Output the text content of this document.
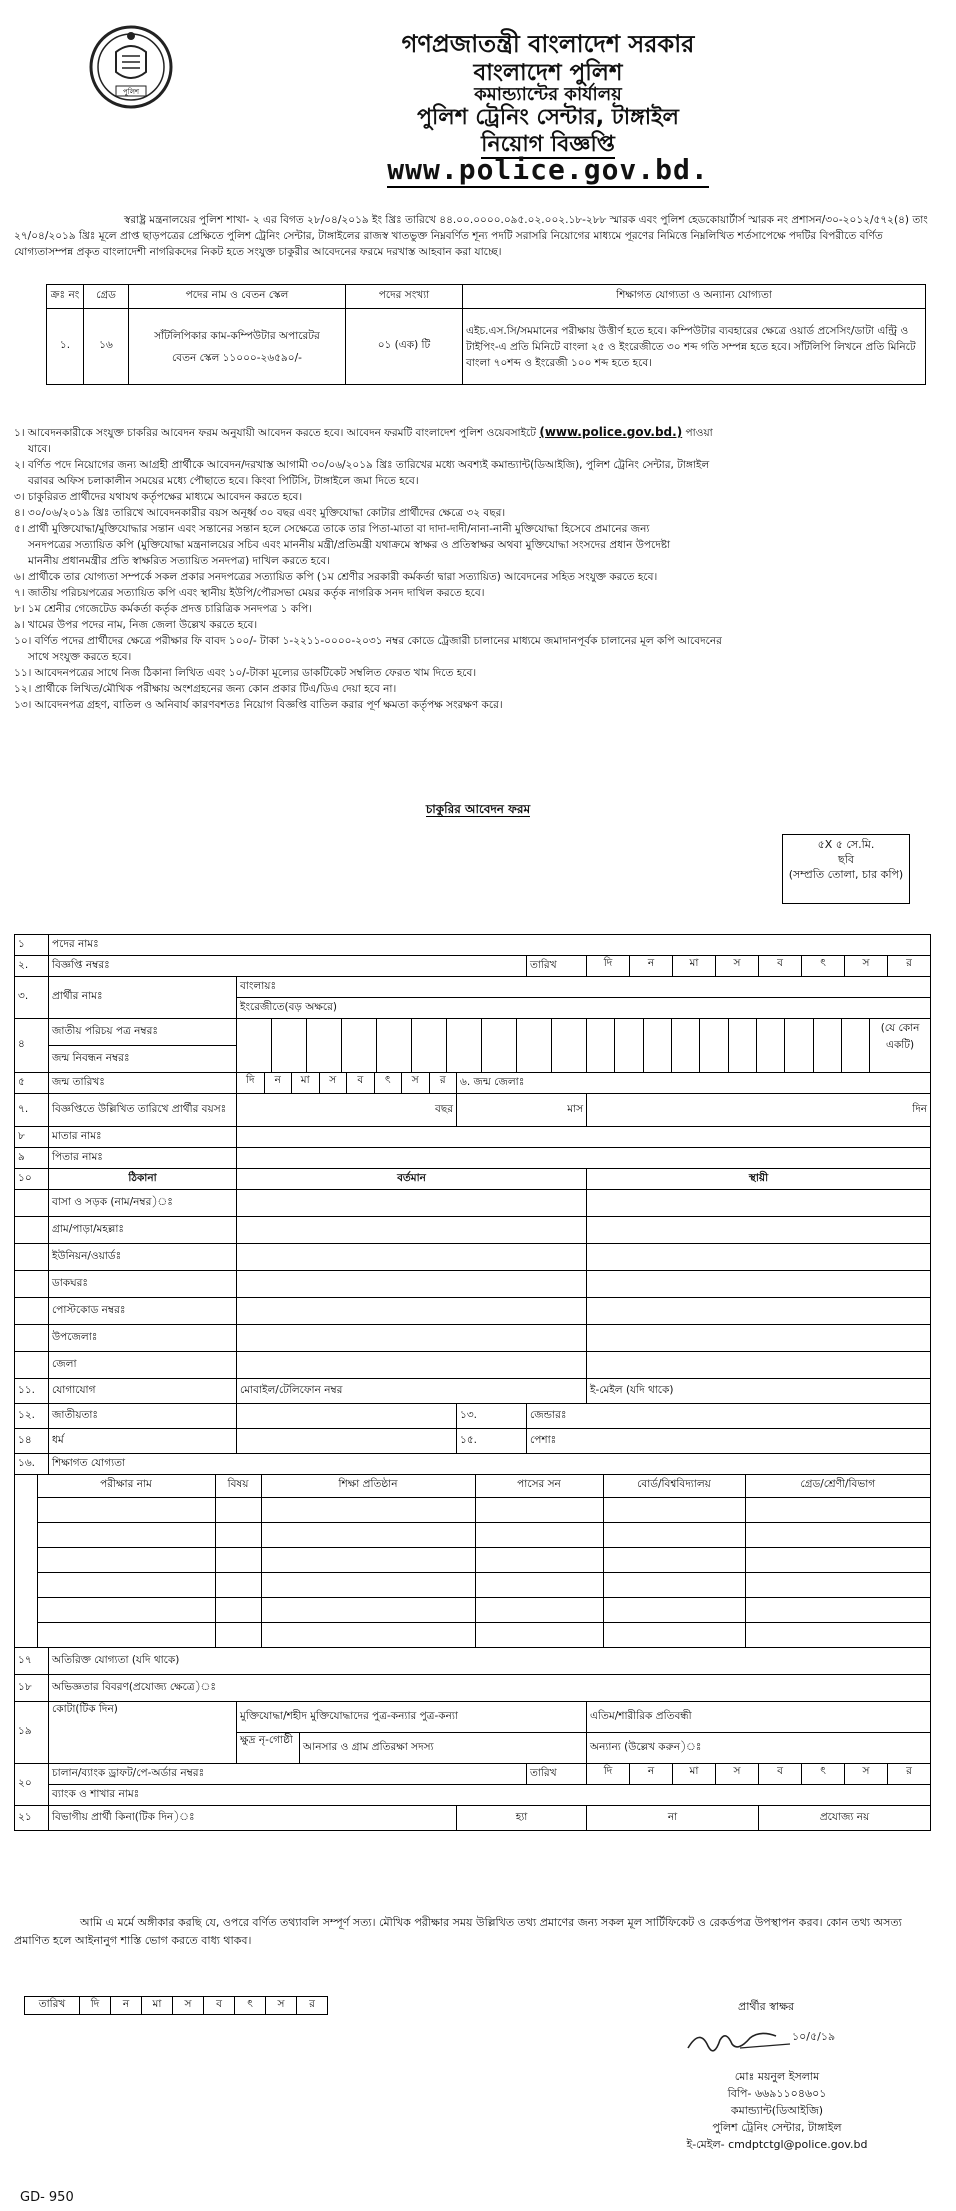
পুলিশ
গণপ্রজাতন্ত্রী বাংলাদেশ সরকার
বাংলাদেশ পুলিশ
কমান্ড্যান্টের কার্যালয়
পুলিশ ট্রেনিং সেন্টার, টাঙ্গাইল
নিয়োগ বিজ্ঞপ্তি
www.police.gov.bd.
স্বরাষ্ট্র মন্ত্রনালয়ের পুলিশ শাখা- ২ এর বিগত ২৮/০৪/২০১৯ ইং খ্রিঃ তারিখে ৪৪.০০.০০০০.০৯৫.০২.০০২.১৮-২৮৮ স্মারক এবং পুলিশ হেডকোয়ার্টার্স স্মারক নং প্রশাসন/৩০-২০১২/৫৭২(৪) তাং ২৭/০৪/২০১৯ খ্রিঃ মূলে প্রাপ্ত ছাড়পত্রের প্রেক্ষিতে পুলিশ ট্রেনিং সেন্টার, টাঙ্গাইলের রাজস্ব খাতভুক্ত নিম্নবর্ণিত শূন্য পদটি সরাসরি নিয়োগের মাধ্যমে পূরণের নিমিত্তে নিম্নলিখিত শর্তসাপেক্ষে পদটির বিপরীতে বর্ণিত যোগ্যতাসম্পন্ন প্রকৃত বাংলাদেশী নাগরিকদের নিকট হতে সংযুক্ত চাকুরীর আবেদনের ফরমে দরখাস্ত আহবান করা যাচ্ছে।
ক্রঃ নং	গ্রেড	পদের নাম ও বেতন স্কেল	পদের সংখ্যা	শিক্ষাগত যোগ্যতা ও অন্যান্য যোগ্যতা
১.	১৬	সাঁটলিপিকার কাম-কম্পিউটার অপারেটর
বেতন স্কেল ১১০০০-২৬৫৯০/-	০১ (এক) টি	এইচ.এস.সি/সমমানের পরীক্ষায় উত্তীর্ণ হতে হবে। কম্পিউটার ব্যবহারের ক্ষেত্রে ওয়ার্ড প্রসেসিং/ডাটা এন্ট্রি ও টাইপিং-এ প্রতি মিনিটে বাংলা ২৫ ও ইংরেজীতে ৩০ শব্দ গতি সম্পন্ন হতে হবে। সাঁটলিপি লিখনে প্রতি মিনিটে বাংলা ৭০শব্দ ও ইংরেজী ১০০ শব্দ হতে হবে।

১। আবেদনকারীকে সংযুক্ত চাকরির আবেদন ফরম অনুযায়ী আবেদন করতে হবে। আবেদন ফরমটি বাংলাদেশ পুলিশ ওয়েবসাইটে (www.police.gov.bd.) পাওয়া
যাবে।

২। বর্ণিত পদে নিয়োগের জন্য আগ্রহী প্রার্থীকে আবেদন/দরখাস্ত আগামী ৩০/০৬/২০১৯ খ্রিঃ তারিখের মধ্যে অবশ্যই কমান্ড্যান্ট(ডিআইজি), পুলিশ ট্রেনিং সেন্টার, টাঙ্গাইল
বরাবর অফিস চলাকালীন সময়ের মধ্যে পৌছাতে হবে। কিংবা পিটিসি, টাঙ্গাইলে জমা দিতে হবে।

৩। চাকুরিরত প্রার্থীদের যথাযথ কর্তৃপক্ষের মাধ্যমে আবেদন করতে হবে।

৪। ৩০/০৬/২০১৯ খ্রিঃ তারিখে আবেদনকারীর বয়স অনূর্ধ্ব ৩০ বছর এবং মুক্তিযোদ্ধা কোটার প্রার্থীদের ক্ষেত্রে ৩২ বছর।

৫। প্রার্থী মুক্তিযোদ্ধা/মুক্তিযোদ্ধার সন্তান এবং সন্তানের সন্তান হলে সেক্ষেত্রে তাকে তার পিতা-মাতা বা দাদা-দাদী/নানা-নানী মুক্তিযোদ্ধা হিসেবে প্রমানের জন্য
সনদপত্রের সত্যায়িত কপি (মুক্তিযোদ্ধা মন্ত্রনালয়ের সচিব এবং মাননীয় মন্ত্রী/প্রতিমন্ত্রী যথাক্রমে স্বাক্ষর ও প্রতিস্বাক্ষর অথবা মুক্তিযোদ্ধা সংসদের প্রধান উপদেষ্টা
মাননীয় প্রধানমন্ত্রীর প্রতি স্বাক্ষরিত সত্যায়িত সনদপত্র) দাখিল করতে হবে।

৬। প্রার্থীকে তার যোগ্যতা সম্পর্কে সকল প্রকার সনদপত্রের সত্যায়িত কপি (১ম শ্রেণীর সরকারী কর্মকর্তা দ্বারা সত্যায়িত) আবেদনের সহিত সংযুক্ত করতে হবে।

৭। জাতীয় পরিচয়পত্রের সত্যায়িত কপি এবং স্থানীয় ইউপি/পৌরসভা মেয়র কর্তৃক নাগরিক সনদ দাখিল করতে হবে।

৮। ১ম শ্রেনীর গেজেটেড কর্মকর্তা কর্তৃক প্রদত্ত চারিত্রিক সনদপত্র ১ কপি।

৯। খামের উপর পদের নাম, নিজ জেলা উল্লেখ করতে হবে।

১০। বর্ণিত পদের প্রার্থীদের ক্ষেত্রে পরীক্ষার ফি বাবদ ১০০/- টাকা ১-২২১১-০০০০-২০৩১ নম্বর কোডে ট্রেজারী চালানের মাধ্যমে জমাদানপূর্বক চালানের মূল কপি আবেদনের
সাথে সংযুক্ত করতে হবে।

১১। আবেদনপত্রের সাথে নিজ ঠিকানা লিখিত এবং ১০/-টাকা মূল্যের ডাকটিকেট সম্বলিত ফেরত খাম দিতে হবে।

১২। প্রার্থীকে লিখিত/মৌখিক পরীক্ষায় অংশগ্রহনের জন্য কোন প্রকার টিএ/ডিএ দেয়া হবে না।

১৩। আবেদনপত্র গ্রহণ, বাতিল ও অনিবার্য কারণবশতঃ নিয়োগ বিজ্ঞপ্তি বাতিল করার পূর্ণ ক্ষমতা কর্তৃপক্ষ সংরক্ষণ করে।

চাকুরির আবেদন ফরম
৫X ৫ সে.মি.
ছবি
(সম্প্রতি তোলা, চার কপি)
১	পদের নামঃ
২.	বিজ্ঞপ্তি নম্বরঃ	তারিখ	দি	ন	মা	স	ব	ৎ	স	র

৩.	প্রার্থীর নামঃ	বাংলায়ঃ
ইংরেজীতে(বড় অক্ষরে)
৪	জাতীয় পরিচয় পত্র নম্বরঃ		(যে কোন একটি)

জন্ম নিবন্ধন নম্বরঃ
৫	জন্ম তারিখঃ	দি	ন	মা	স	ব	ৎ	স	র	৬. জন্ম জেলাঃ
৭.	বিজ্ঞপ্তিতে উল্লিখিত তারিখে প্রার্থীর বয়সঃ	বছর	মাস	দিন
৮	মাতার নামঃ	
৯	পিতার নামঃ	
১০	ঠিকানা	বর্তমান	স্থায়ী
	বাসা ও সড়ক (নাম/নম্বর)ঃ		
	গ্রাম/পাড়া/মহল্লাঃ		
	ইউনিয়ন/ওয়ার্ডঃ		
	ডাকঘরঃ		
	পোস্টকোড নম্বরঃ		
	উপজেলাঃ		
	জেলা		
১১.	যোগাযোগ	মোবাইল/টেলিফোন নম্বর	ই-মেইল (যদি থাকে)
১২.	জাতীয়তাঃ		১৩.	জেন্ডারঃ
১৪	ধর্ম		১৫.	পেশাঃ
১৬.	শিক্ষাগত যোগ্যতা

	পরীক্ষার নাম	বিষয়	শিক্ষা প্রতিষ্ঠান	পাসের সন	বোর্ড/বিশ্ববিদ্যালয়	গ্রেড/শ্রেণী/বিভাগ

১৭	অতিরিক্ত যোগ্যতা (যদি থাকে)
১৮	অভিজ্ঞতার বিবরণ(প্রযোজ্য ক্ষেত্রে)ঃ
১৯	কোটা(টিক দিন)	মুক্তিযোদ্ধা/শহীদ মুক্তিযোদ্ধাদের পুত্র-কন্যার পুত্র-কন্যা	এতিম/শারীরিক প্রতিবন্ধী

ক্ষুদ্র নৃ-গোষ্ঠী
আনসার ও গ্রাম প্রতিরক্ষা সদস্য	অন্যান্য (উল্লেখ করুন)ঃ
২০	চালান/ব্যাংক ড্রাফট/পে-অর্ডার নম্বরঃ	তারিখ	দি	ন	মা	স	ব	ৎ	স	র

ব্যাংক ও শাখার নামঃ
২১	বিভাগীয় প্রার্থী কিনা(টিক দিন)ঃ	হ্যা	না	প্রযোজ্য নয়
আমি এ মর্মে অঙ্গীকার করছি যে, ওপরে বর্ণিত তথ্যাবলি সম্পূর্ণ সত্য। মৌখিক পরীক্ষার সময় উল্লিখিত তথ্য প্রমাণের জন্য সকল মূল সার্টিফিকেট ও রেকর্ডপত্র উপস্থাপন করব। কোন তথ্য অসত্য প্রমাণিত হলে আইনানুগ শাস্তি ভোগ করতে বাধ্য থাকব।
তারিখ	দি	ন	মা	স	ব	ৎ	স	র	প্রার্থীর স্বাক্ষর
১০/৫/১৯
মোঃ ময়নুল ইসলাম
বিপি- ৬৬৯১১০৪৬০১
কমান্ড্যান্ট(ডিআইজি)
পুলিশ ট্রেনিং সেন্টার, টাঙ্গাইল
ই-মেইল- cmdptctgl@police.gov.bd
GD- 950
